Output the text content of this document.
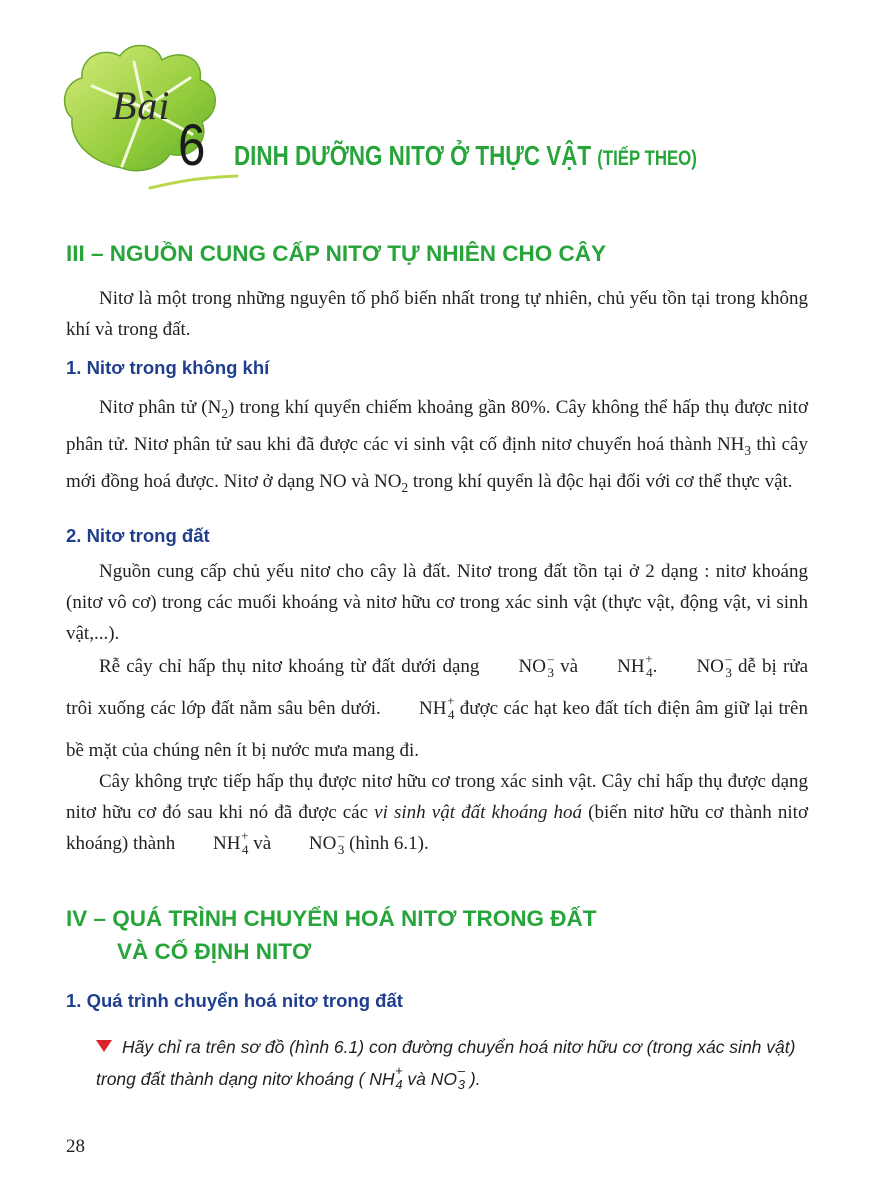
Bài
6 DINH DƯỠNG NITƠ Ở THỰC VẬT (TIẾP THEO)
III – NGUỒN CUNG CẤP NITƠ TỰ NHIÊN CHO CÂY

Nitơ là một trong những nguyên tố phổ biến nhất trong tự nhiên, chủ yếu tồn tại trong không khí và trong đất.

1. Nitơ trong không khí

Nitơ phân tử $(N_2)$ trong khí quyển chiếm khoảng gần 80%. Cây không thể hấp thụ được nitơ phân tử. Nitơ phân tử sau khi đã được các vi sinh vật cố định nitơ chuyển hoá thành $NH_3$ thì cây mới đồng hoá được. Nitơ ở dạng NO và $NO_2$ trong khí quyển là độc hại đối với cơ thể thực vật.

2. Nitơ trong đất

Nguồn cung cấp chủ yếu nitơ cho cây là đất. Nitơ trong đất tồn tại ở 2 dạng : nitơ khoáng (nitơ vô cơ) trong các muối khoáng và nitơ hữu cơ trong xác sinh vật (thực vật, động vật, vi sinh vật,...).

Rễ cây chỉ hấp thụ nitơ khoáng từ đất dưới dạng NO –
3 và NH +
4 . NO –
3 dễ bị rửa trôi xuống các lớp đất nằm sâu bên dưới. NH +
4 được các hạt keo đất tích điện âm giữ lại trên bề mặt của chúng nên ít bị nước mưa mang đi.

Cây không trực tiếp hấp thụ được nitơ hữu cơ trong xác sinh vật. Cây chỉ hấp thụ được dạng nitơ hữu cơ đó sau khi nó đã được các vi sinh vật đất khoáng hoá (biến nitơ hữu cơ thành nitơ khoáng) thành NH +
4 và NO –
3 (hình 6.1).

IV – QUÁ TRÌNH CHUYỂN HOÁ NITƠ TRONG ĐẤT
VÀ CỐ ĐỊNH NITƠ
1. Quá trình chuyển hoá nitơ trong đất
Hãy chỉ ra trên sơ đồ (hình 6.1) con đường chuyển hoá nitơ hữu cơ (trong xác sinh vật) trong đất thành dạng nitơ khoáng ( NH +
4 và NO –
3 ).
28
